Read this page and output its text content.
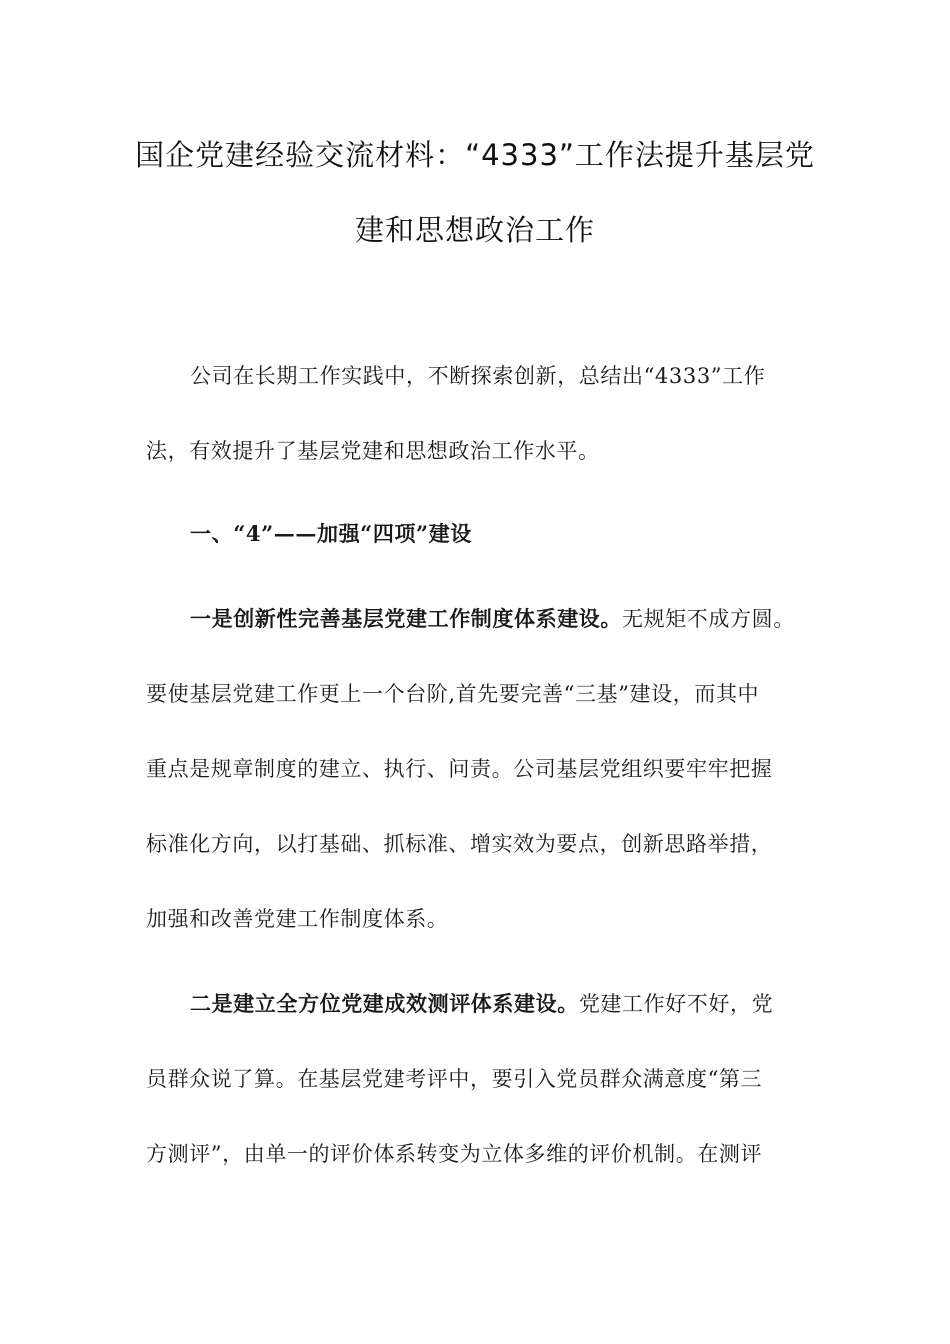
国企党建经验交流材料：“4333”工作法提升基层党
建和思想政治工作
公司在长期工作实践中，不断探索创新，总结出“4333”工作
法，有效提升了基层党建和思想政治工作水平。
一、“4”——加强“四项”建设
一是创新性完善基层党建工作制度体系建设。无规矩不成方圆。
要使基层党建工作更上一个台阶,首先要完善“三基”建设，而其中
重点是规章制度的建立、执行、问责。公司基层党组织要牢牢把握
标准化方向，以打基础、抓标准、增实效为要点，创新思路举措，
加强和改善党建工作制度体系。
二是建立全方位党建成效测评体系建设。党建工作好不好，党
员群众说了算。在基层党建考评中，要引入党员群众满意度“第三
方测评”，由单一的评价体系转变为立体多维的评价机制。在测评
